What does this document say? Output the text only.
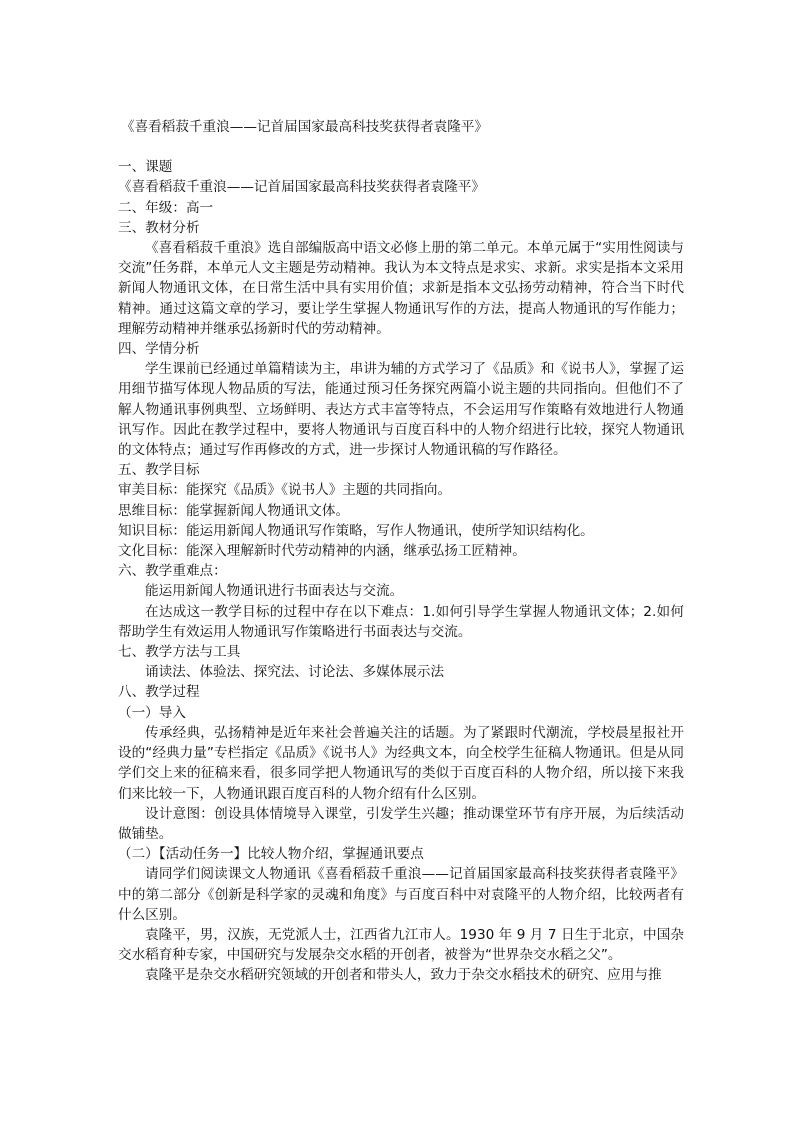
《喜看稻菽千重浪——记首届国家最高科技奖获得者袁隆平》

一、课题

《喜看稻菽千重浪——记首届国家最高科技奖获得者袁隆平》

二、年级：高一

三、教材分析

《喜看稻菽千重浪》选自部编版高中语文必修上册的第二单元。本单元属于“实用性阅读与交流”任务群，本单元人文主题是劳动精神。我认为本文特点是求实、求新。求实是指本文采用新闻人物通讯文体，在日常生活中具有实用价值；求新是指本文弘扬劳动精神，符合当下时代精神。通过这篇文章的学习，要让学生掌握人物通讯写作的方法，提高人物通讯的写作能力；理解劳动精神并继承弘扬新时代的劳动精神。

四、学情分析

学生课前已经通过单篇精读为主，串讲为辅的方式学习了《品质》和《说书人》，掌握了运用细节描写体现人物品质的写法，能通过预习任务探究两篇小说主题的共同指向。但他们不了解人物通讯事例典型、立场鲜明、表达方式丰富等特点，不会运用写作策略有效地进行人物通讯写作。因此在教学过程中，要将人物通讯与百度百科中的人物介绍进行比较，探究人物通讯的文体特点；通过写作再修改的方式，进一步探讨人物通讯稿的写作路径。

五、教学目标

审美目标：能探究《品质》《说书人》主题的共同指向。

思维目标：能掌握新闻人物通讯文体。

知识目标：能运用新闻人物通讯写作策略，写作人物通讯，使所学知识结构化。

文化目标：能深入理解新时代劳动精神的内涵，继承弘扬工匠精神。

六、教学重难点：

能运用新闻人物通讯进行书面表达与交流。

在达成这一教学目标的过程中存在以下难点：1.如何引导学生掌握人物通讯文体；2.如何帮助学生有效运用人物通讯写作策略进行书面表达与交流。

七、教学方法与工具

诵读法、体验法、探究法、讨论法、多媒体展示法

八、教学过程

（一）导入

传承经典，弘扬精神是近年来社会普遍关注的话题。为了紧跟时代潮流，学校晨星报社开设的“经典力量”专栏指定《品质》《说书人》为经典文本，向全校学生征稿人物通讯。但是从同学们交上来的征稿来看，很多同学把人物通讯写的类似于百度百科的人物介绍，所以接下来我们来比较一下，人物通讯跟百度百科的人物介绍有什么区别。

设计意图：创设具体情境导入课堂，引发学生兴趣；推动课堂环节有序开展，为后续活动做铺垫。

（二）【活动任务一】比较人物介绍，掌握通讯要点

请同学们阅读课文人物通讯《喜看稻菽千重浪——记首届国家最高科技奖获得者袁隆平》中的第二部分《创新是科学家的灵魂和角度》与百度百科中对袁隆平的人物介绍，比较两者有什么区别。

袁隆平，男，汉族，无党派人士，江西省九江市人。1930 年 9 月 7 日生于北京，中国杂交水稻育种专家，中国研究与发展杂交水稻的开创者，被誉为“世界杂交水稻之父”。

袁隆平是杂交水稻研究领域的开创者和带头人，致力于杂交水稻技术的研究、应用与推
